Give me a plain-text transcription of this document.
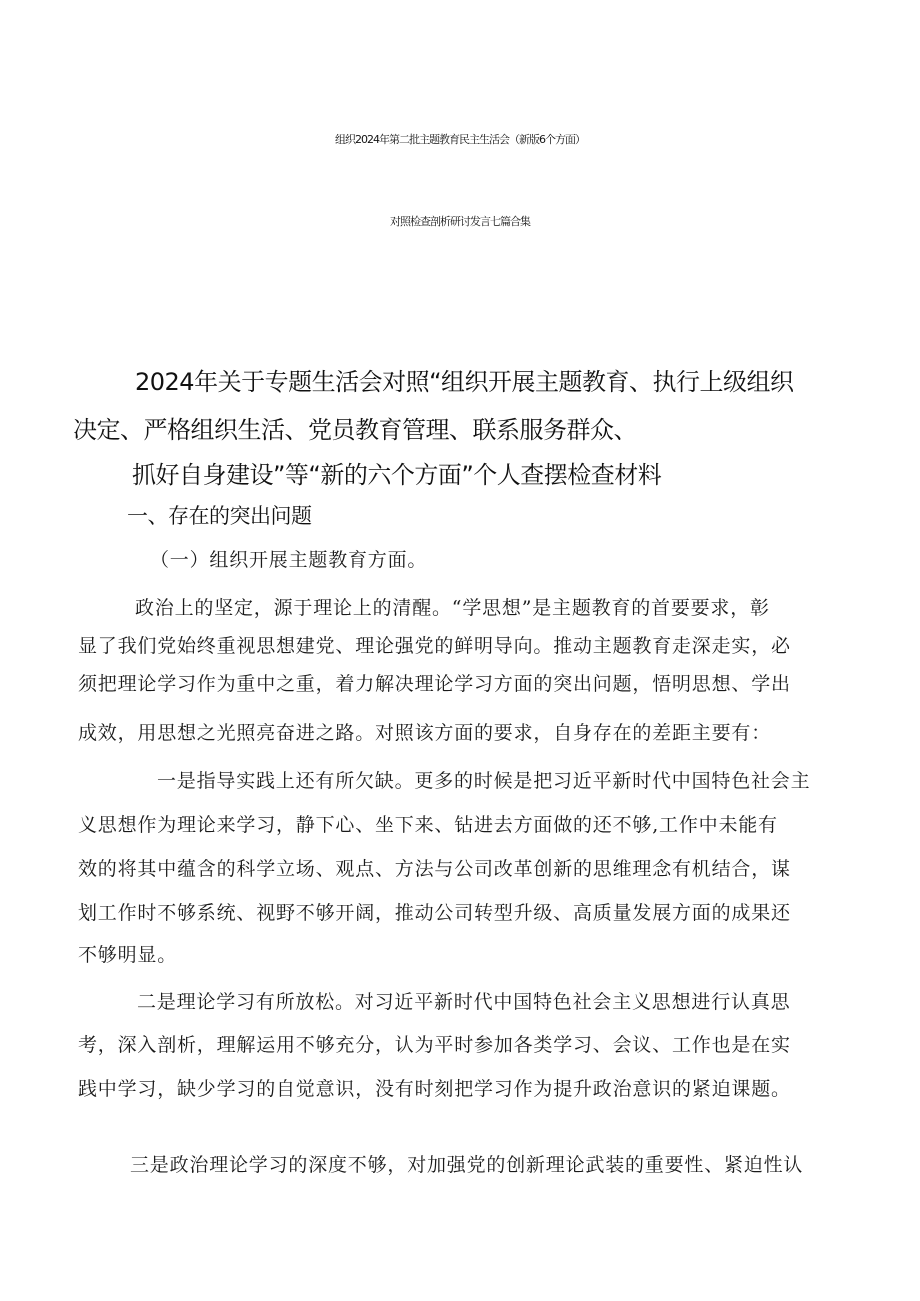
组织2024年第二批主题教育民主生活会（新版6个方面）
对照检查剖析研讨发言七篇合集
2024年关于专题生活会对照“组织开展主题教育、执行上级组织
决定、严格组织生活、党员教育管理、联系服务群众、
抓好自身建设”等“新的六个方面”个人查摆检查材料
一、存在的突出问题
（一）组织开展主题教育方面。
政治上的坚定，源于理论上的清醒。“学思想”是主题教育的首要要求，彰
显了我们党始终重视思想建党、理论强党的鲜明导向。推动主题教育走深走实，必
须把理论学习作为重中之重，着力解决理论学习方面的突出问题，悟明思想、学出
成效，用思想之光照亮奋进之路。对照该方面的要求，自身存在的差距主要有：
一是指导实践上还有所欠缺。更多的时候是把习近平新时代中国特色社会主
义思想作为理论来学习，静下心、坐下来、钻进去方面做的还不够,工作中未能有
效的将其中蕴含的科学立场、观点、方法与公司改革创新的思维理念有机结合，谋
划工作时不够系统、视野不够开阔，推动公司转型升级、高质量发展方面的成果还
不够明显。
二是理论学习有所放松。对习近平新时代中国特色社会主义思想进行认真思
考，深入剖析，理解运用不够充分，认为平时参加各类学习、会议、工作也是在实
践中学习，缺少学习的自觉意识，没有时刻把学习作为提升政治意识的紧迫课题。
三是政治理论学习的深度不够，对加强党的创新理论武装的重要性、紧迫性认
